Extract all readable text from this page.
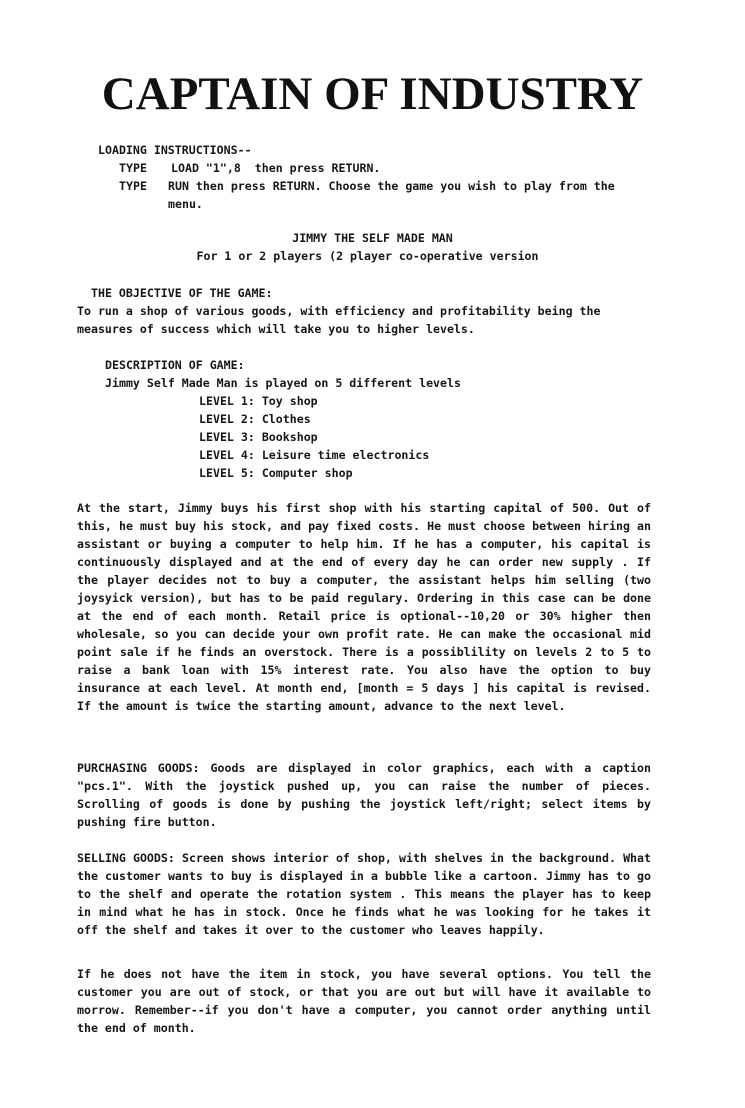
CAPTAIN OF INDUSTRY
LOADING INSTRUCTIONS--
TYPE LOAD "1",8  then press RETURN.
TYPE RUN then press RETURN. Choose the game you wish to play from the
menu.
JIMMY THE SELF MADE MAN
For 1 or 2 players (2 player co-operative version
THE OBJECTIVE OF THE GAME:
To run a shop of various goods, with efficiency and profitability being the
measures of success which will take you to higher levels.
DESCRIPTION OF GAME:
Jimmy Self Made Man is played on 5 different levels
LEVEL 1: Toy shop
LEVEL 2: Clothes
LEVEL 3: Bookshop
LEVEL 4: Leisure time electronics
LEVEL 5: Computer shop

At the start, Jimmy buys his first shop with his starting capital of 500. Out of this, he must buy his stock, and pay fixed costs. He must choose between hiring an assistant or buying a computer to help him. If he has a computer, his capital is continuously displayed and at the end of every day he can order new supply . If the player decides not to buy a computer, the assistant helps him selling (two joysyick version), but has to be paid regulary. Ordering in this case can be done at the end of each month. Retail price is optional--10,20 or 30% higher then wholesale, so you can decide your own profit rate. He can make the occasional mid point sale if he finds an overstock. There is a possiblility on levels 2 to 5 to raise a bank loan with 15% interest rate. You also have the option to buy insurance at each level. At month end, [month = 5 days ] his capital is revised. If the amount is twice the starting amount, advance to the next level.

PURCHASING GOODS: Goods are displayed in color graphics, each with a caption "pcs.1". With the joystick pushed up, you can raise the number of pieces. Scrolling of goods is done by pushing the joystick left/right; select items by pushing fire button.

SELLING GOODS: Screen shows interior of shop, with shelves in the background. What the customer wants to buy is displayed in a bubble like a cartoon. Jimmy has to go to the shelf and operate the rotation system . This means the player has to keep in mind what he has in stock. Once he finds what he was looking for he takes it off the shelf and takes it over to the customer who leaves happily.

If he does not have the item in stock, you have several options. You tell the customer you are out of stock, or that you are out but will have it available to morrow. Remember--if you don't have a computer, you cannot order anything until the end of month.
